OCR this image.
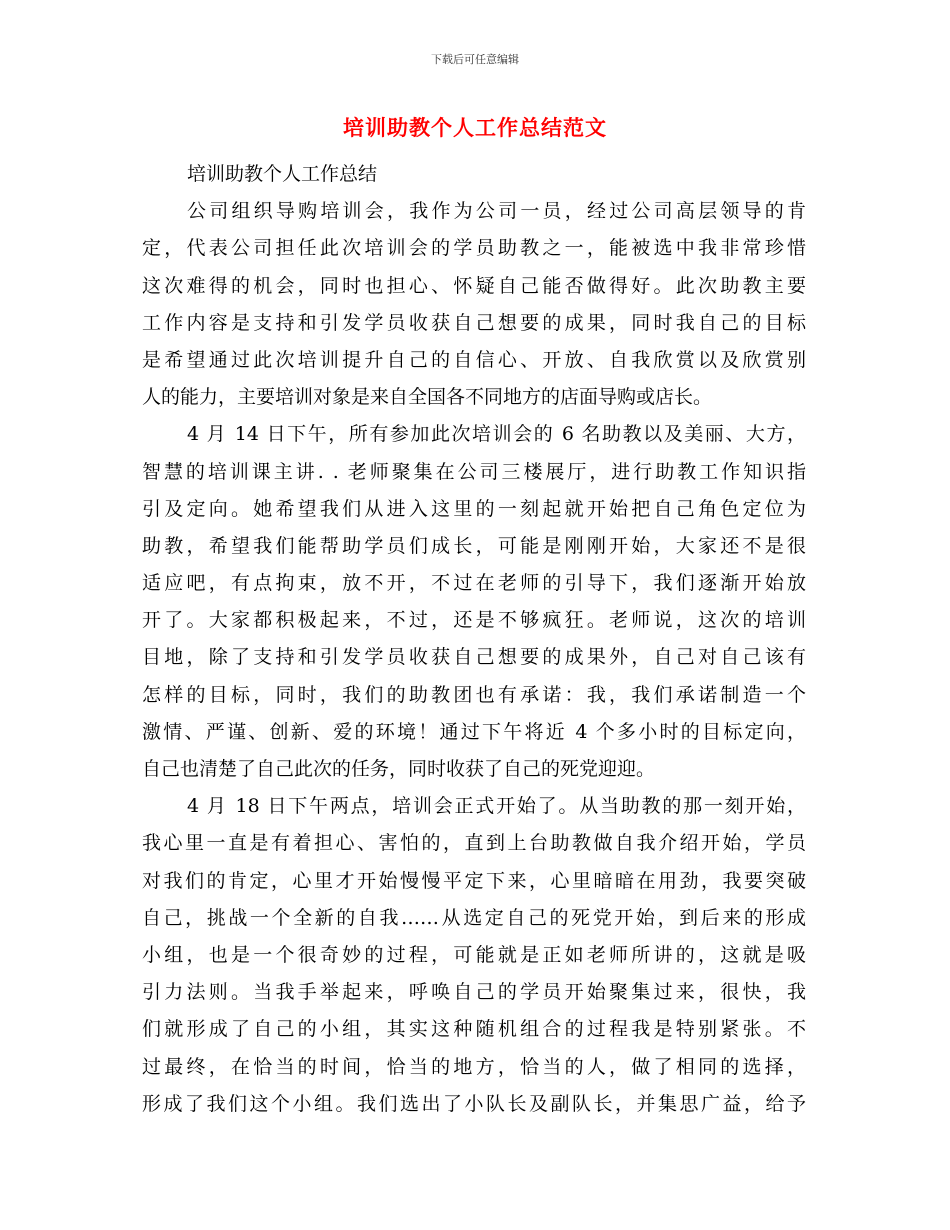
下载后可任意编辑
培训助教个人工作总结范文
培训助教个人工作总结
公司组织导购培训会，我作为公司一员，经过公司高层领导的肯
定，代表公司担任此次培训会的学员助教之一，能被选中我非常珍惜
这次难得的机会，同时也担心、怀疑自己能否做得好。此次助教主要
工作内容是支持和引发学员收获自己想要的成果，同时我自己的目标
是希望通过此次培训提升自己的自信心、开放、自我欣赏以及欣赏别
人的能力，主要培训对象是来自全国各不同地方的店面导购或店长。
4 月 14 日下午，所有参加此次培训会的 6 名助教以及美丽、大方，
智慧的培训课主讲. . 老师聚集在公司三楼展厅，进行助教工作知识指
引及定向。她希望我们从进入这里的一刻起就开始把自己角色定位为
助教，希望我们能帮助学员们成长，可能是刚刚开始，大家还不是很
适应吧，有点拘束，放不开，不过在老师的引导下，我们逐渐开始放
开了。大家都积极起来，不过，还是不够疯狂。老师说，这次的培训
目地，除了支持和引发学员收获自己想要的成果外，自己对自己该有
怎样的目标，同时，我们的助教团也有承诺：我，我们承诺制造一个
激情、严谨、创新、爱的环境！通过下午将近 4 个多小时的目标定向，
自己也清楚了自己此次的任务，同时收获了自己的死党迎迎。
4 月 18 日下午两点，培训会正式开始了。从当助教的那一刻开始，
我心里一直是有着担心、害怕的，直到上台助教做自我介绍开始，学员
对我们的肯定，心里才开始慢慢平定下来，心里暗暗在用劲，我要突破
自己，挑战一个全新的自我……从选定自己的死党开始，到后来的形成
小组，也是一个很奇妙的过程，可能就是正如老师所讲的，这就是吸
引力法则。当我手举起来，呼唤自己的学员开始聚集过来，很快，我
们就形成了自己的小组，其实这种随机组合的过程我是特别紧张。不
过最终，在恰当的时间，恰当的地方，恰当的人，做了相同的选择，
形成了我们这个小组。我们选出了小队长及副队长，并集思广益，给予
